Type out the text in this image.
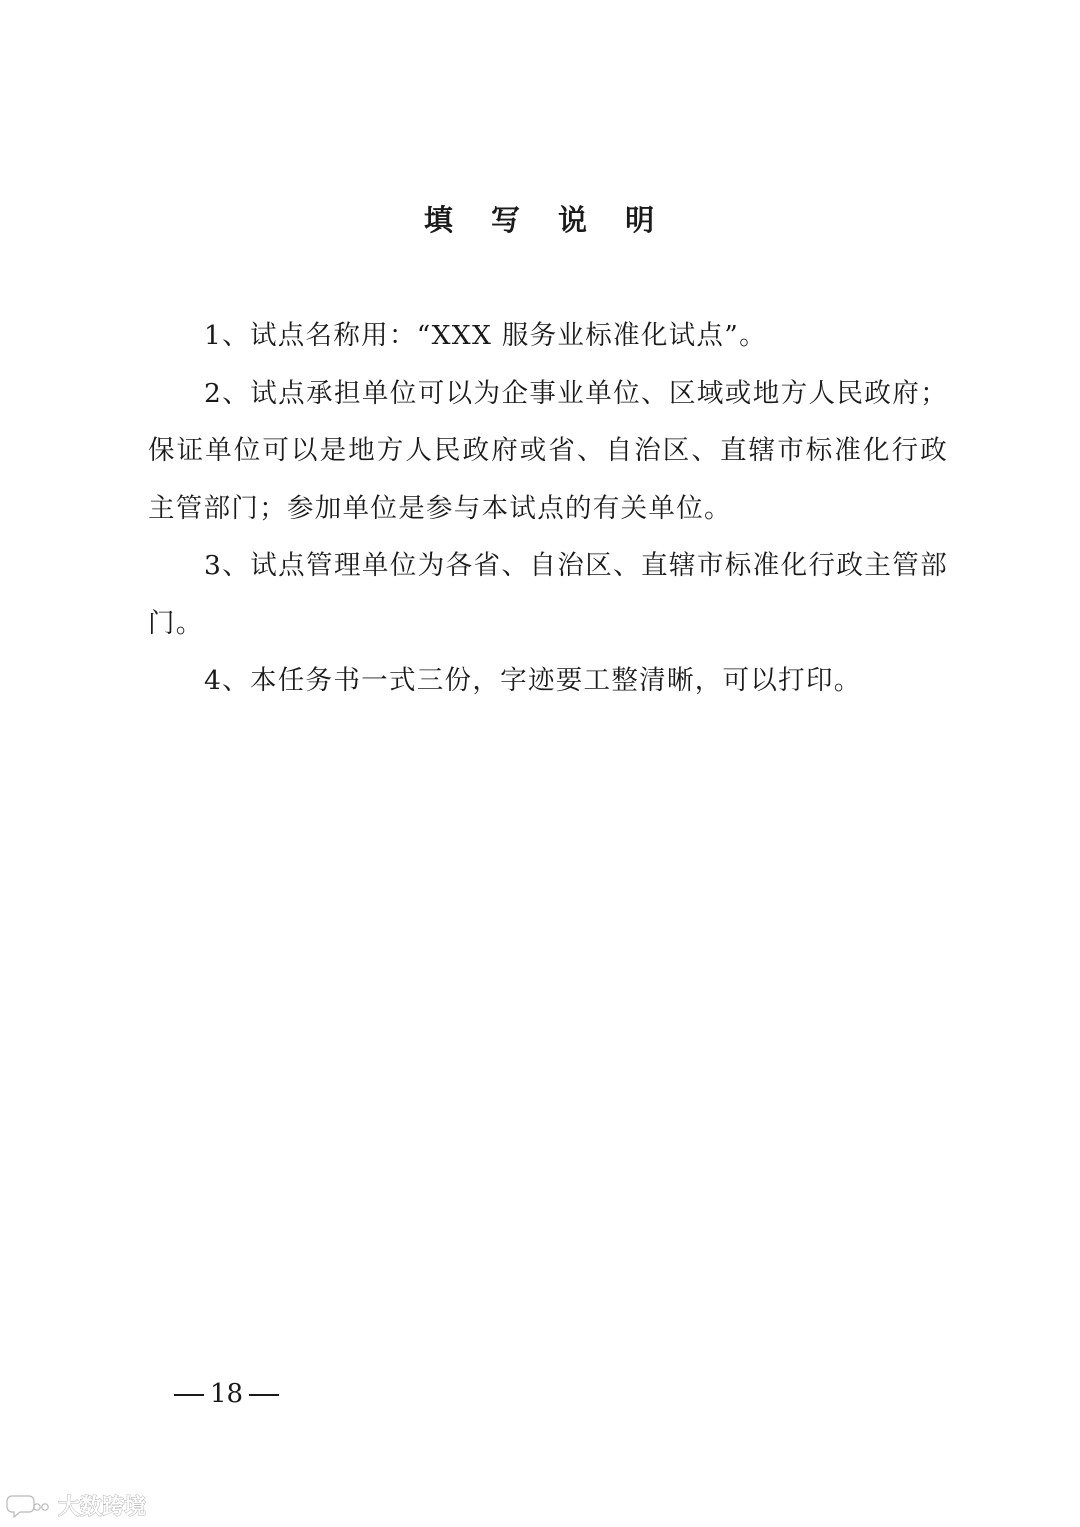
填 写 说 明

1、试点名称用：“XXX 服务业标准化试点”。

2、试点承担单位可以为企事业单位、区域或地方人民政府；保证单位可以是地方人民政府或省、自治区、直辖市标准化行政主管部门；参加单位是参与本试点的有关单位。

3、试点管理单位为各省、自治区、直辖市标准化行政主管部门。

4、本任务书一式三份，字迹要工整清晰，可以打印。

18
大数跨境
